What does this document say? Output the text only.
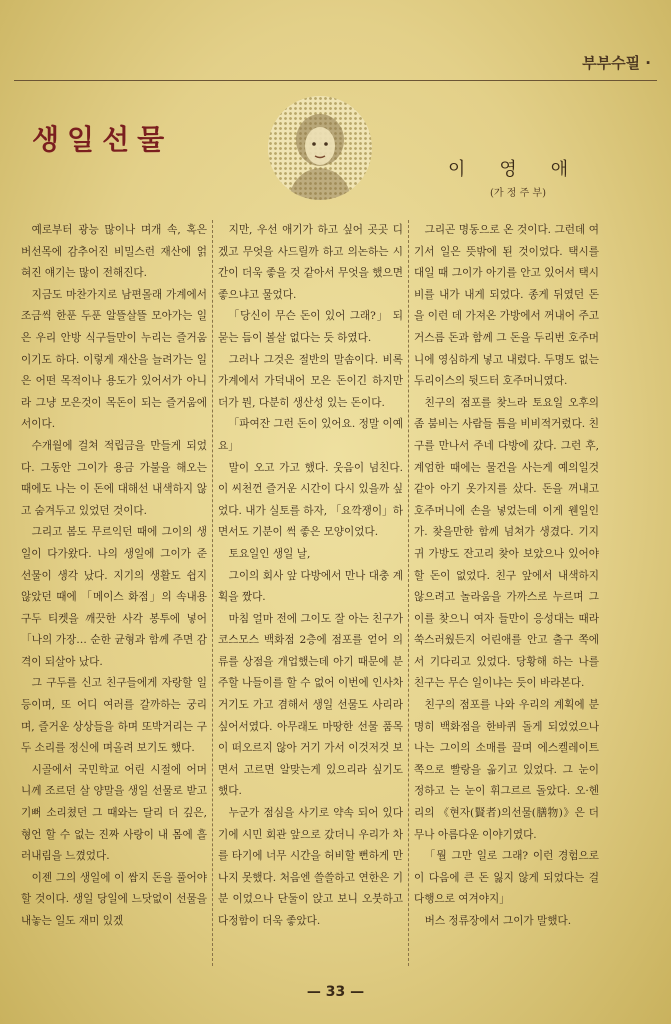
부부수필 ·
생일선물
이영애
(가 정 주 부)

예로부터 광능 많이나 며개 속, 혹은 버선목에 감추어진 비밀스런 재산에 얽혀진 얘기는 많이 전해진다.

지금도 마찬가지로 남편몰래 가계에서 조금씩 한푼 두푼 알뜰살뜰 모아가는 일은 우리 안방 식구들만이 누리는 즐거움이기도 하다. 이렇게 재산을 늘려가는 일은 어떤 목적이나 용도가 있어서가 아니라 그냥 모은것이 목돈이 되는 즐거움에서이다.

수개월에 걸쳐 적립금을 만들게 되었다. 그동안 그이가 용금 가불을 해오는 때에도 나는 이 돈에 대해선 내색하지 않고 숨겨두고 있었던 것이다.

그리고 봄도 무르익던 때에 그이의 생일이 다가왔다. 나의 생일에 그이가 준 선물이 생각 났다. 지기의 생활도 쉽지 않았던 때에 「메이스 화점」의 속내용 구두 티켓을 깨끗한 사각 봉투에 넣어 「나의 가장… 순한 균형과 함께 주면 감격이 되살아 났다.

그 구두를 신고 친구들에게 자랑할 일등이며, 또 어디 여러를 갈까하는 궁리며, 즐거운 상상들을 하며 또박거리는 구두 소리를 정신에 며올려 보기도 했다.

시골에서 국민학교 어린 시절에 어머니께 조르던 살 양말을 생일 선물로 받고 기뻐 소리쳤던 그 때와는 달리 더 깊은, 형언 할 수 없는 진짜 사랑이 내 몸에 흘러내림을 느꼈었다.

이젠 그의 생일에 이 쌈지 돈을 풀어야 할 것이다. 생일 당일에 느닷없이 선물을 내놓는 일도 재미 있겠

지만, 우선 애기가 하고 싶어 곳곳 디겠고 무엇을 사드릴까 하고 의논하는 시간이 더욱 좋을 것 같아서 무엇을 했으면 좋으냐고 물었다.

「당신이 무슨 돈이 있어 그래?」 되묻는 듬이 볼살 없다는 듯 하였다.

그러나 그것은 절반의 말솜이다. 비록 가계에서 가덕내어 모은 돈이긴 하지만 더가 뭔, 다분히 생산성 있는 돈이다.

「파여잔 그런 돈이 있어요. 정말 이예요」

말이 오고 가고 했다. 웃음이 넘친다. 이 씨천껀 즐거운 시간이 다시 있을까 싶었다. 내가 실토를 하자, 「요깍쟁이」하면서도 기분이 썩 좋은 모양이었다.

토요일인 생일 날,

그이의 회사 앞 다방에서 만나 대충 계획을 짰다.

마침 얼마 전에 그이도 잘 아는 친구가 코스모스 백화점 2층에 점포를 얻어 의류를 상점을 개업했는데 아기 때문에 분주할 나들이를 할 수 없어 이번에 인사차 거기도 가고 겸해서 생일 선물도 사리라 싶어서였다. 아무래도 마땅한 선물 품목이 떠오르지 않아 거기 가서 이것저것 보면서 고르면 알맞는게 있으리라 싶기도 했다.

누군가 점심을 사기로 약속 되어 있다기에 시민 회관 앞으로 갔더니 우리가 차를 타기에 너무 시간을 허비할 뻔하게 만나지 못했다. 처음엔 쓸쓸하고 연한은 기분 이었으나 단둘이 앉고 보니 오붓하고 다정함이 더욱 좋았다.

그리곤 명동으로 온 것이다. 그런데 여기서 일은 뜻밖에 된 것이었다. 택시를 대일 때 그이가 아기를 안고 있어서 택시비를 내가 내게 되었다. 종게 뒤였던 돈을 이런 데 가져온 가방에서 꺼내어 주고 거스름 돈과 함께 그 돈을 두리번 호주머니에 영심하게 넣고 내렸다. 두명도 없는 두리이스의 뒷드터 호주머니였다.

친구의 점포를 찾느라 토요일 오후의 좀 붐비는 사람들 틈을 비비적거렸다. 친구를 만나서 주네 다방에 갔다. 그런 후, 계엄한 때에는 물건을 사는게 예의일것 같아 아기 옷가지를 샀다. 돈을 꺼내고 호주머니에 손을 넣었는데 이게 웬일인가. 찾을만한 함께 넘쳐가 생겼다. 기지귀 가방도 잔고리 찾아 보았으나 있어야 할 돈이 없었다. 친구 앞에서 내색하지 않으려고 놀라움을 가까스로 누르며 그이를 찾으니 여자 들만이 응성대는 때라 쑥스러웠든지 어린애를 안고 출구 쪽에서 기다리고 있었다. 당황해 하는 나를 친구는 무슨 일이냐는 듯이 바라본다.

친구의 점포를 나와 우리의 계획에 분명히 백화점을 한바퀴 돌게 되었었으나 나는 그이의 소매를 끌며 에스켈레이트 쪽으로 빨랑을 옮기고 있었다. 그 눈이 정하고 는 눈이 휘그르르 돌았다. 오·헨리의 《현자(賢者)의선물(膳物)》은 더무나 아름다운 이야기였다.

「뭘 그만 일로 그래? 이런 경험으로 이 다음에 큰 돈 잃지 않게 되었다는 걸 다행으로 여겨야지」

버스 정류장에서 그이가 말했다.

— 33 —
